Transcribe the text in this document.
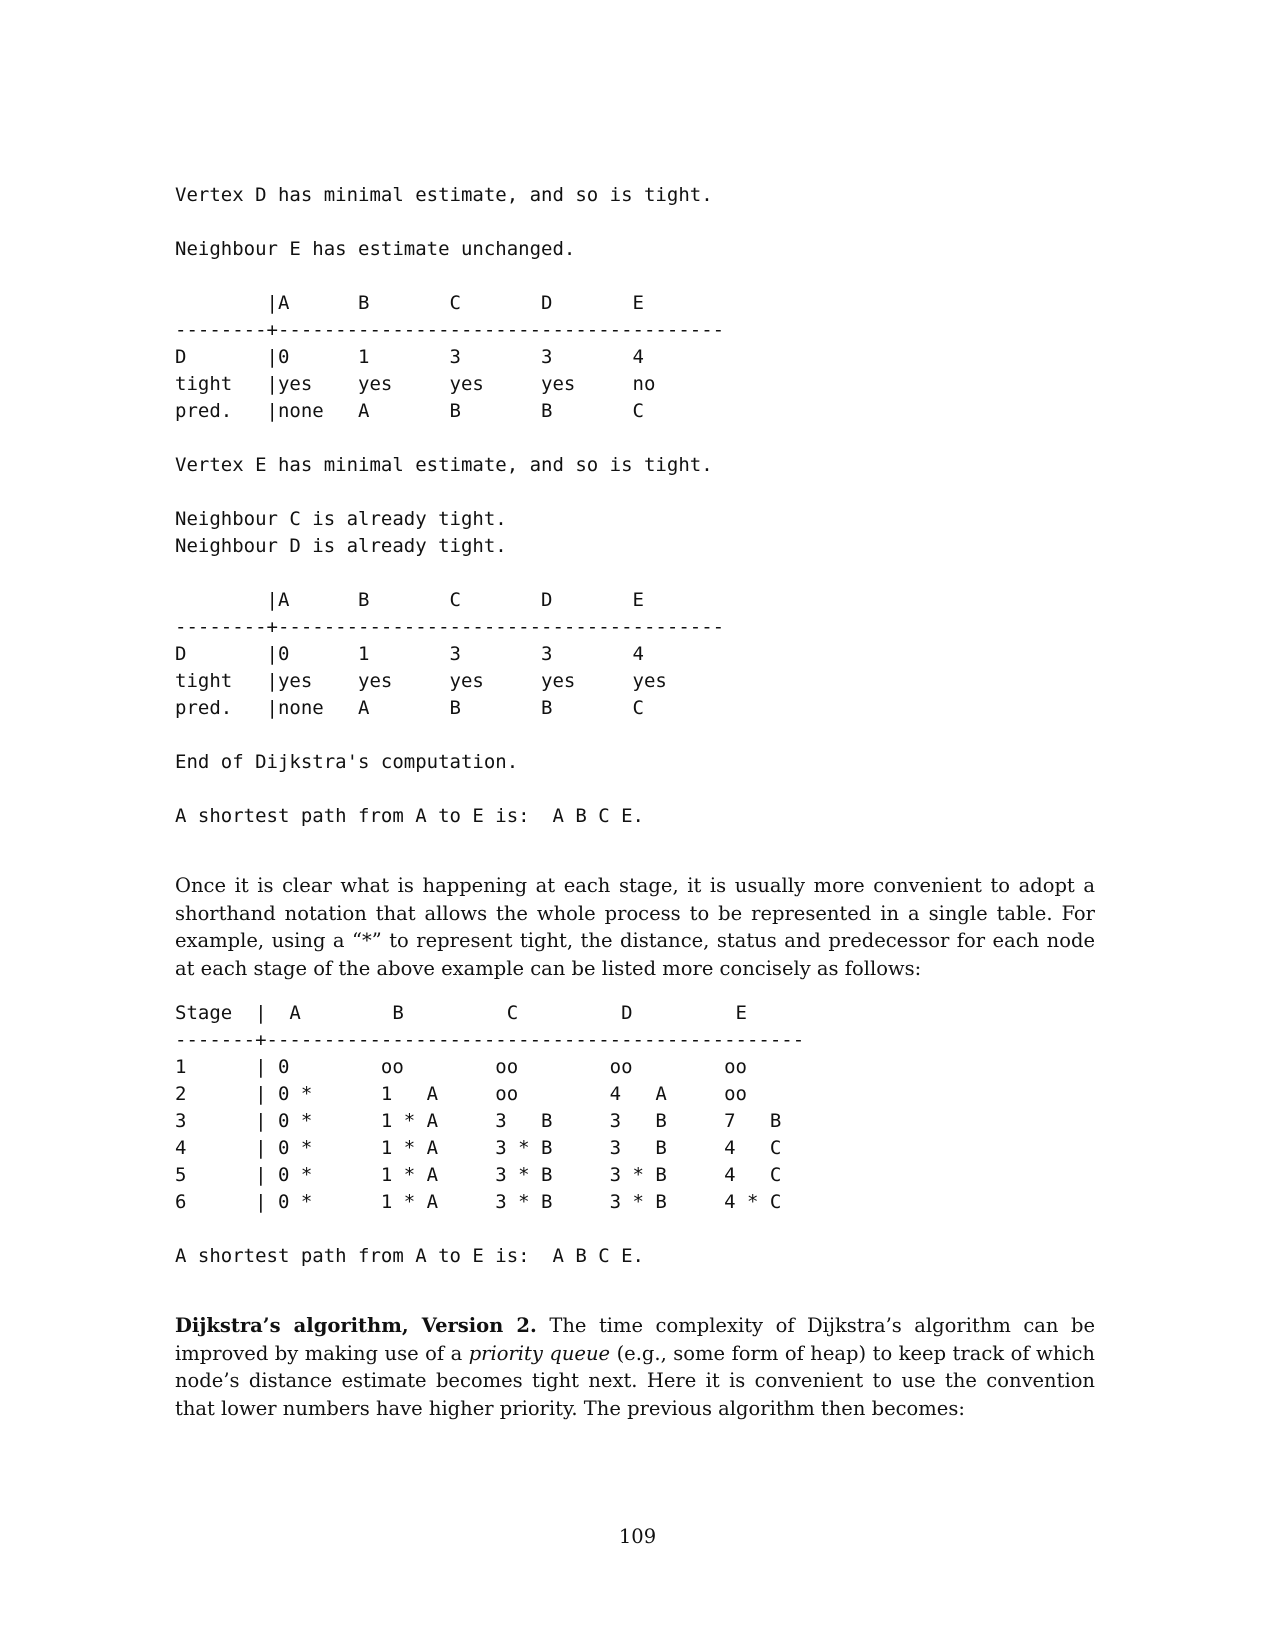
Vertex D has minimal estimate, and so is tight.

Neighbour E has estimate unchanged.

|A      B       C       D       E
--------+---------------------------------------
D       |0      1       3       3       4
tight   |yes    yes     yes     yes     no
pred.   |none   A       B       B       C

Vertex E has minimal estimate, and so is tight.

Neighbour C is already tight.
Neighbour D is already tight.

|A      B       C       D       E
--------+---------------------------------------
D       |0      1       3       3       4
tight   |yes    yes     yes     yes     yes
pred.   |none   A       B       B       C

End of Dijkstra's computation.

A shortest path from A to E is:  A B C E.

Once it is clear what is happening at each stage, it is usually more convenient to adopt a shorthand notation that allows the whole process to be represented in a single table. For example, using a “*” to represent tight, the distance, status and predecessor for each node at each stage of the above example can be listed more concisely as follows:

Stage  |  A        B         C         D         E
-------+-----------------------------------------------
1      | 0        oo        oo        oo        oo
2      | 0 *      1   A     oo        4   A     oo
3      | 0 *      1 * A     3   B     3   B     7   B
4      | 0 *      1 * A     3 * B     3   B     4   C
5      | 0 *      1 * A     3 * B     3 * B     4   C
6      | 0 *      1 * A     3 * B     3 * B     4 * C

A shortest path from A to E is:  A B C E.

Dijkstra’s algorithm, Version 2. The time complexity of Dijkstra’s algorithm can be improved by making use of a priority queue (e.g., some form of heap) to keep track of which node’s distance estimate becomes tight next. Here it is convenient to use the convention that lower numbers have higher priority. The previous algorithm then becomes:

109
